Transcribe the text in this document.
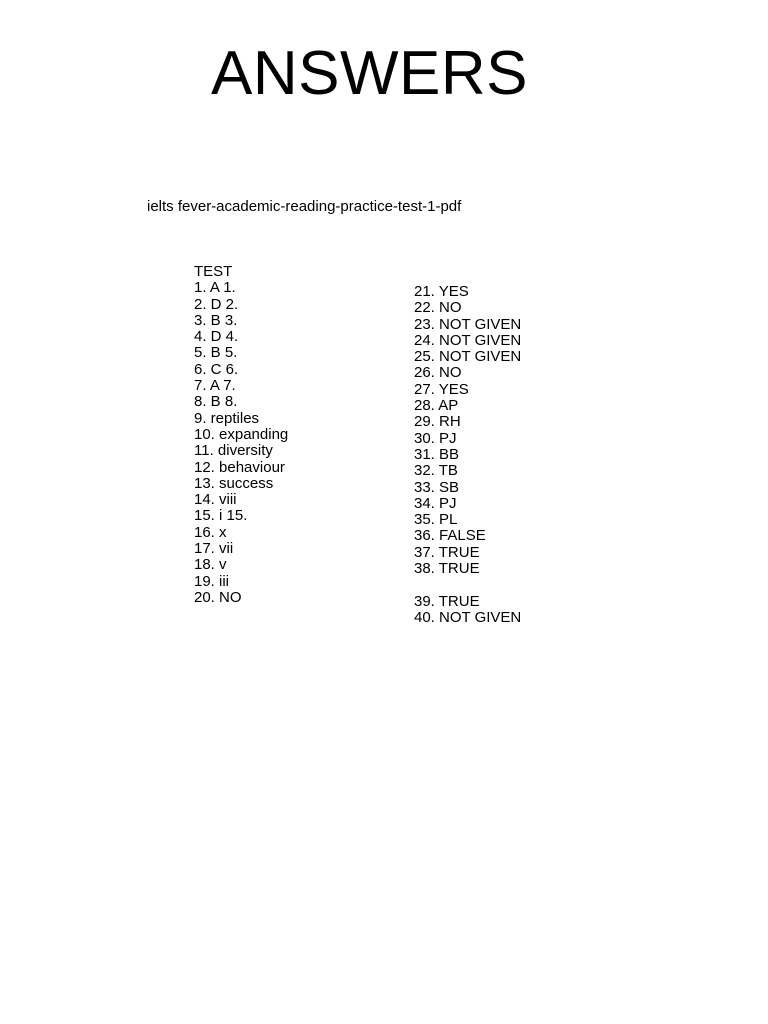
ANSWERS
ielts fever-academic-reading-practice-test-1-pdf
TEST
1. A 1.
2. D 2.
3. B 3.
4. D 4.
5. B 5.
6. C 6.
7. A 7.
8. B 8.
9. reptiles
10. expanding
11. diversity
12. behaviour
13. success
14. viii
15. i 15.
16. x
17. vii
18. v
19. iii
20. NO
21. YES
22. NO
23. NOT GIVEN
24. NOT GIVEN
25. NOT GIVEN
26. NO
27. YES
28. AP
29. RH
30. PJ
31. BB
32. TB
33. SB
34. PJ
35. PL
36. FALSE
37. TRUE
38. TRUE
39. TRUE
40. NOT GIVEN
